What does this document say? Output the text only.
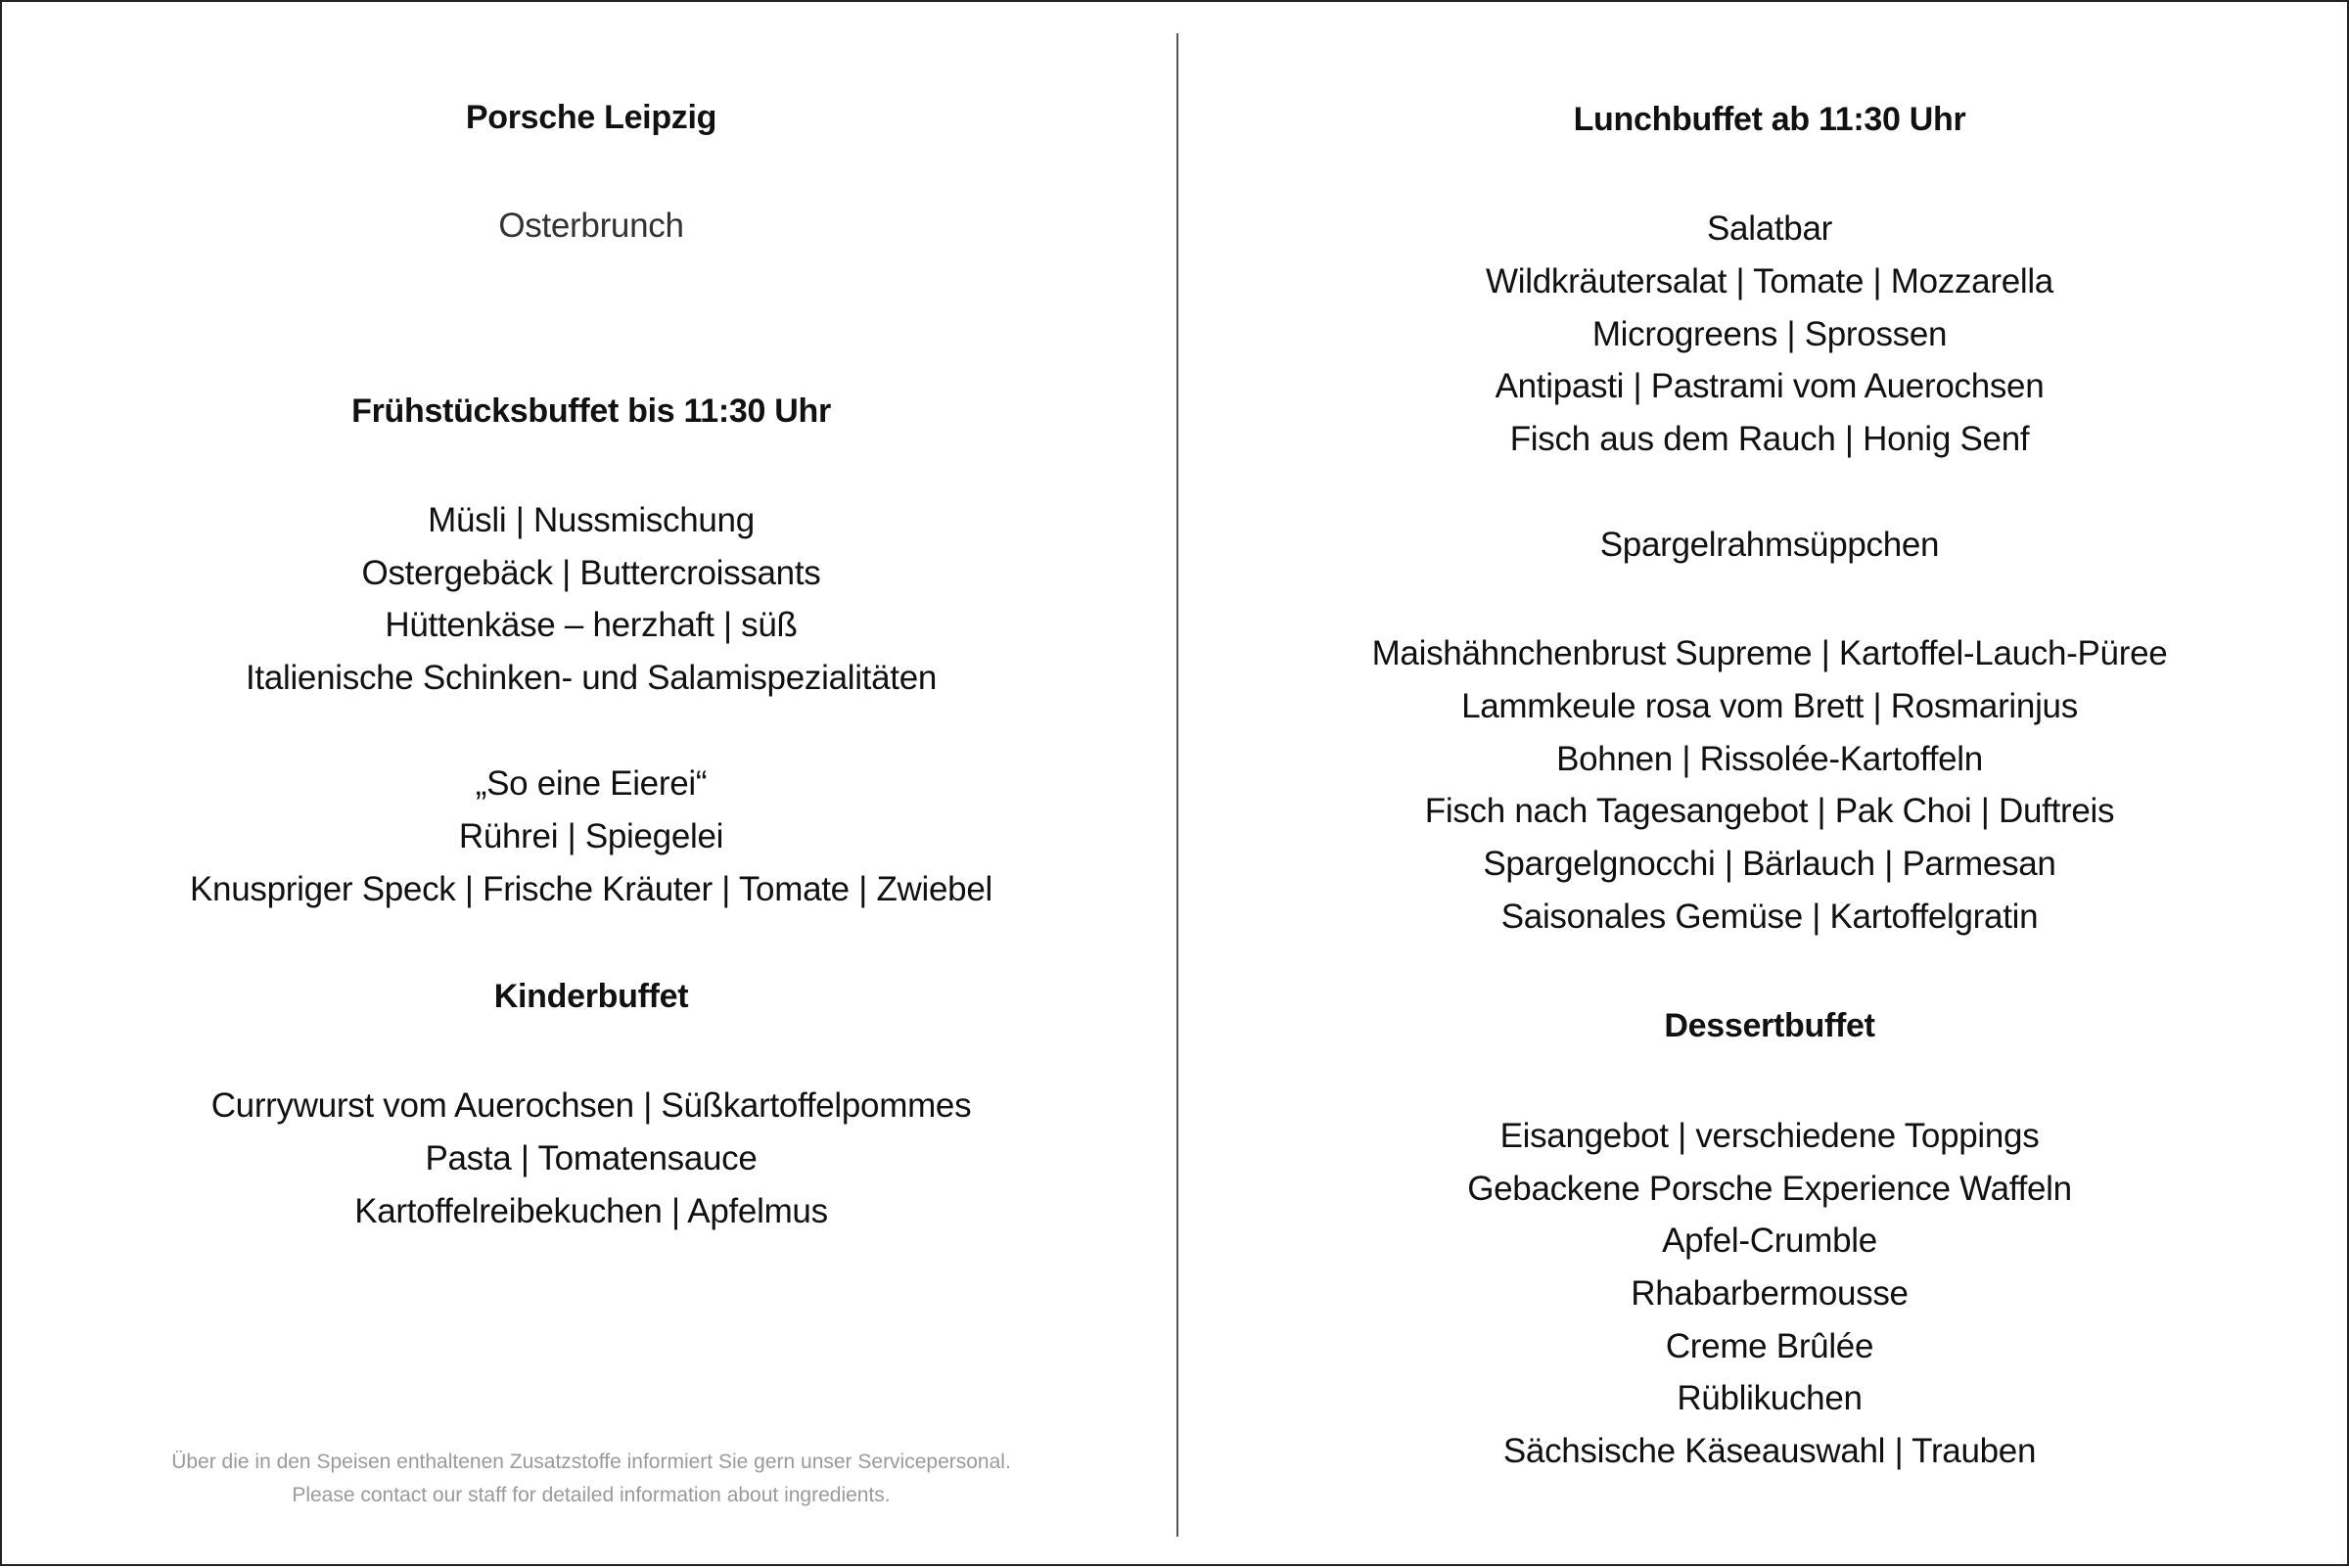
Porsche Leipzig
Osterbrunch
Frühstücksbuffet bis 11:30 Uhr
Müsli | Nussmischung
Ostergebäck | Buttercroissants
Hüttenkäse – herzhaft | süß
Italienische Schinken- und Salamispezialitäten
„So eine Eierei“
Rührei | Spiegelei
Knuspriger Speck | Frische Kräuter | Tomate | Zwiebel
Kinderbuffet
Currywurst vom Auerochsen | Süßkartoffelpommes
Pasta | Tomatensauce
Kartoffelreibekuchen | Apfelmus
Über die in den Speisen enthaltenen Zusatzstoffe informiert Sie gern unser Servicepersonal.
Please contact our staff for detailed information about ingredients.
Lunchbuffet ab 11:30 Uhr
Salatbar
Wildkräutersalat | Tomate | Mozzarella
Microgreens | Sprossen
Antipasti | Pastrami vom Auerochsen
Fisch aus dem Rauch | Honig Senf
Spargelrahmsüppchen
Maishähnchenbrust Supreme | Kartoffel-Lauch-Püree
Lammkeule rosa vom Brett | Rosmarinjus
Bohnen | Rissolée-Kartoffeln
Fisch nach Tagesangebot | Pak Choi | Duftreis
Spargelgnocchi | Bärlauch | Parmesan
Saisonales Gemüse | Kartoffelgratin
Dessertbuffet
Eisangebot | verschiedene Toppings
Gebackene Porsche Experience Waffeln
Apfel-Crumble
Rhabarbermousse
Creme Brûlée
Rüblikuchen
Sächsische Käseauswahl | Trauben
